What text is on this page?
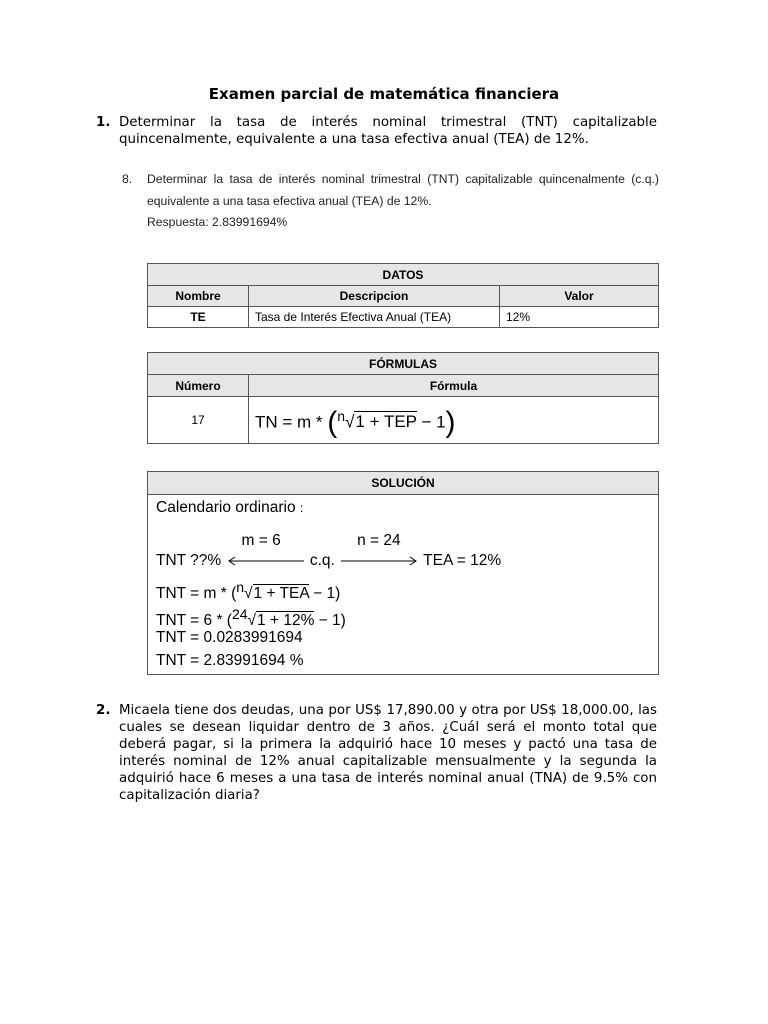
Examen parcial de matemática financiera
1. Determinar la tasa de interés nominal trimestral (TNT) capitalizable quincenalmente, equivalente a una tasa efectiva anual (TEA) de 12%.
8. Determinar la tasa de interés nominal trimestral (TNT) capitalizable quincenalmente (c.q.) equivalente a una tasa efectiva anual (TEA) de 12%.
Respuesta: 2.83991694%
DATOS		
Nombre	Descripcion	Valor
TE	Tasa de Interés Efectiva Anual (TEA)	12%
FÓRMULAS	
Número	Fórmula
17	TN = m * ($^n$√1 + TEP − 1)
SOLUCIÓN
Calendario ordinario :
TNT ??%
m = 6
c.q.
n = 24
TEA = 12%
TNT = m * ($^n$√1 + TEA − 1)
TNT = 6 * ($^{24}$√1 + 12% − 1)
TNT = 0.0283991694
TNT = 2.83991694 %
2. Micaela tiene dos deudas, una por US$ 17,890.00 y otra por US$ 18,000.00, las cuales se desean liquidar dentro de 3 años. ¿Cuál será el monto total que deberá pagar, si la primera la adquirió hace 10 meses y pactó una tasa de interés nominal de 12% anual capitalizable mensualmente y la segunda la adquirió hace 6 meses a una tasa de interés nominal anual (TNA) de 9.5% con capitalización diaria?
